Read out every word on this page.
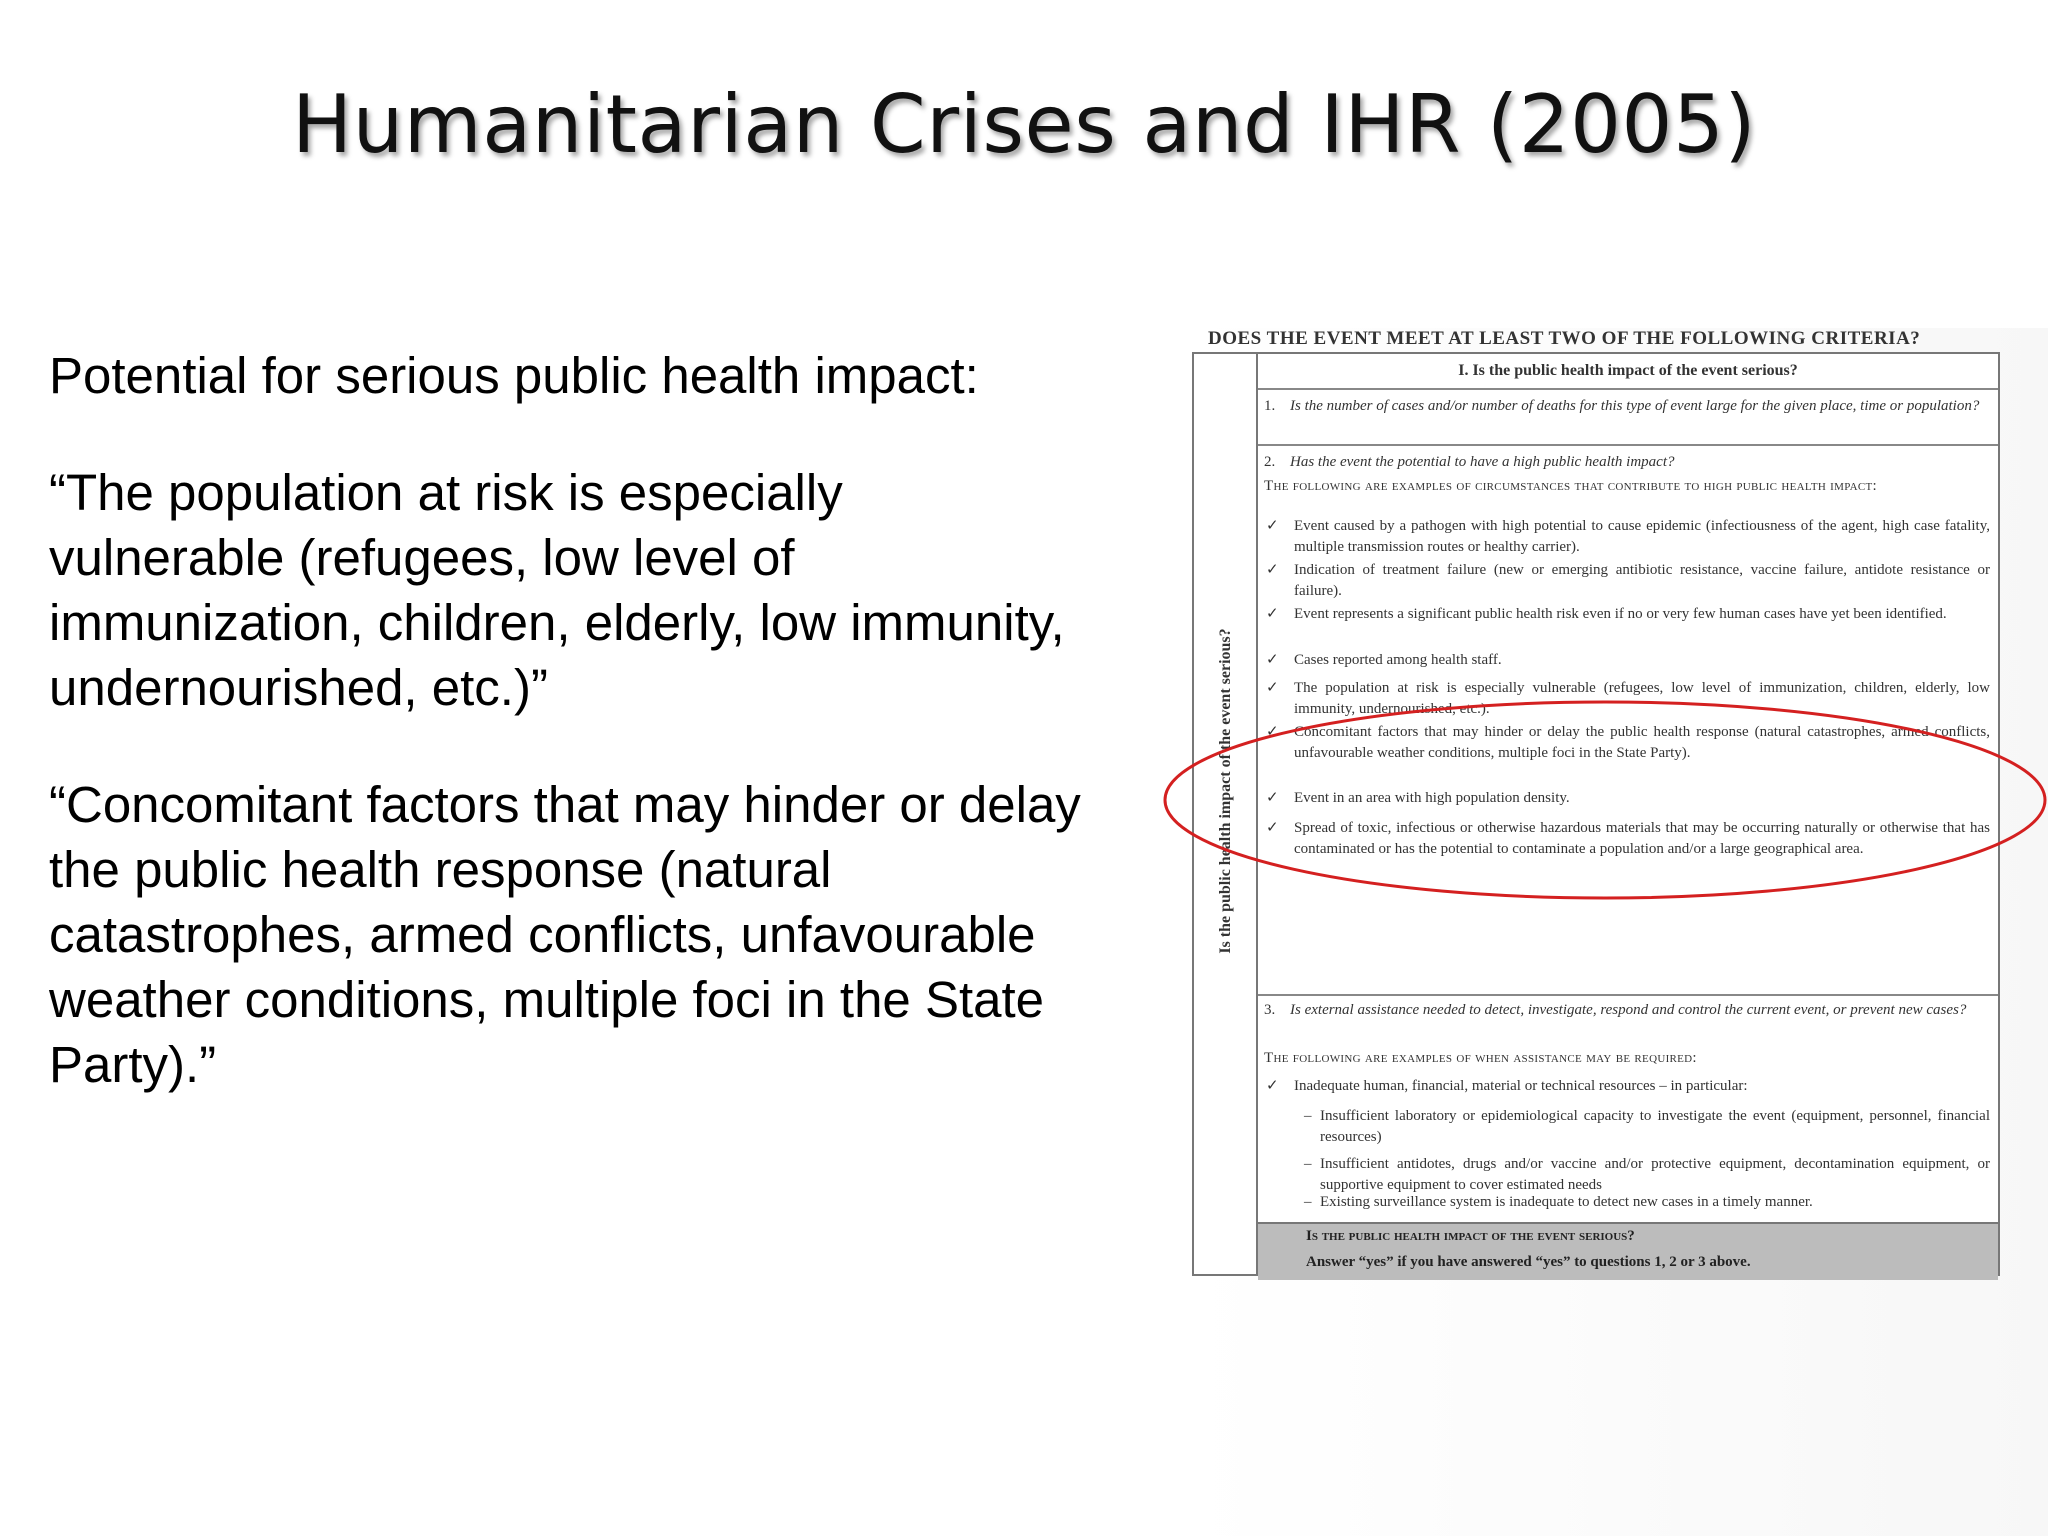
Humanitarian Crises and IHR (2005)

Potential for serious public health impact:

“The population at risk is especially vulnerable (refugees, low level of immunization, children, elderly, low immunity, undernourished, etc.)”

“Concomitant factors that may hinder or delay the public health response (natural catastrophes, armed conflicts, unfavourable weather conditions, multiple foci in the State Party).”

DOES THE EVENT MEET AT LEAST TWO OF THE FOLLOWING CRITERIA?
Is the public health impact of the event serious?
I. Is the public health impact of the event serious?
1. Is the number of cases and/or number of deaths for this type of event large for the given place, time or population?
2. Has the event the potential to have a high public health impact?
The following are examples of circumstances that contribute to high public health impact:
✓ Event caused by a pathogen with high potential to cause epidemic (infectiousness of the agent, high case fatality, multiple transmission routes or healthy carrier).
✓ Indication of treatment failure (new or emerging antibiotic resistance, vaccine failure, antidote resistance or failure).
✓ Event represents a significant public health risk even if no or very few human cases have yet been identified.
✓ Cases reported among health staff.
✓ The population at risk is especially vulnerable (refugees, low level of immunization, children, elderly, low immunity, undernourished, etc.).
✓ Concomitant factors that may hinder or delay the public health response (natural catastrophes, armed conflicts, unfavourable weather conditions, multiple foci in the State Party).
✓ Event in an area with high population density.
✓ Spread of toxic, infectious or otherwise hazardous materials that may be occurring naturally or otherwise that has contaminated or has the potential to contaminate a population and/or a large geographical area.
3. Is external assistance needed to detect, investigate, respond and control the current event, or prevent new cases?
The following are examples of when assistance may be required:
✓ Inadequate human, financial, material or technical resources – in particular:
– Insufficient laboratory or epidemiological capacity to investigate the event (equipment, personnel, financial resources)
– Insufficient antidotes, drugs and/or vaccine and/or protective equipment, decontamination equipment, or supportive equipment to cover estimated needs
– Existing surveillance system is inadequate to detect new cases in a timely manner.
Is the public health impact of the event serious?
Answer “yes” if you have answered “yes” to questions 1, 2 or 3 above.
